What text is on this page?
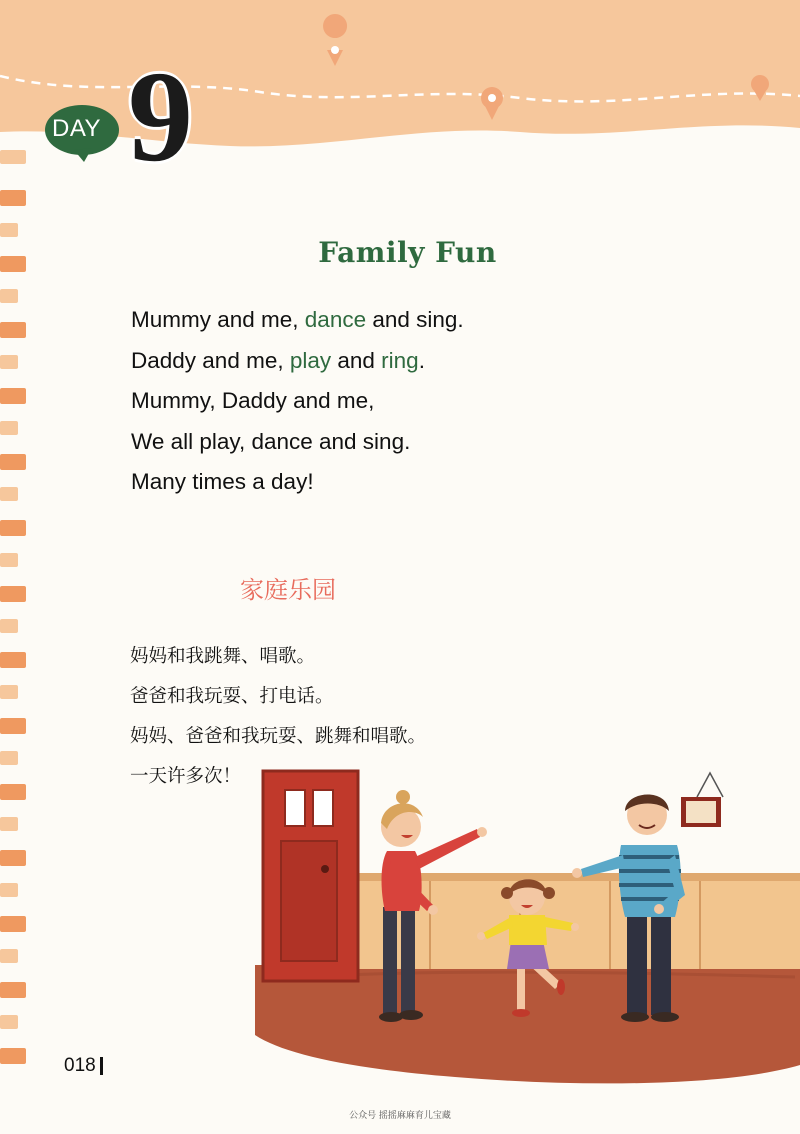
DAY 9
Family Fun
Mummy and me, dance and sing.
Daddy and me, play and ring.
Mummy, Daddy and me,
We all play, dance and sing.
Many times a day!
家庭乐园
妈妈和我跳舞、唱歌。
爸爸和我玩耍、打电话。
妈妈、爸爸和我玩耍、跳舞和唱歌。
一天许多次！
018
公众号 摇摇麻麻育儿宝藏
